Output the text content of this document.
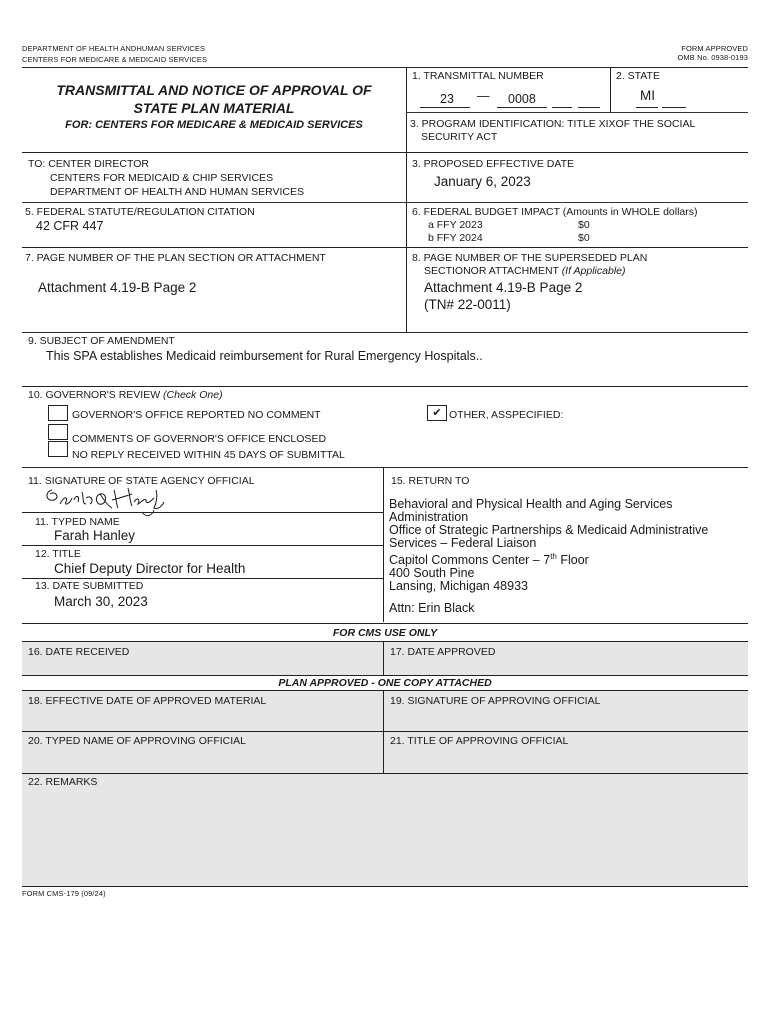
DEPARTMENT OF HEALTH ANDHUMAN SERVICES
CENTERS FOR MEDICARE & MEDICAID SERVICES
FORM APPROVED
OMB No. 0938-0193
TRANSMITTAL AND NOTICE OF APPROVAL OF
STATE PLAN MATERIAL
FOR: CENTERS FOR MEDICARE & MEDICAID SERVICES
1. TRANSMITTAL NUMBER
23 — 0008
2. STATE
MI
3. PROGRAM IDENTIFICATION: TITLE XIXOF THE SOCIAL
SECURITY ACT
TO: CENTER DIRECTOR
CENTERS FOR MEDICAID & CHIP SERVICES
DEPARTMENT OF HEALTH AND HUMAN SERVICES
3. PROPOSED EFFECTIVE DATE
January 6, 2023
5. FEDERAL STATUTE/REGULATION CITATION
42 CFR 447
6. FEDERAL BUDGET IMPACT (Amounts in WHOLE dollars)
a FFY 2023	$0
b FFY 2024	$0
7. PAGE NUMBER OF THE PLAN SECTION OR ATTACHMENT
Attachment 4.19-B Page 2
8. PAGE NUMBER OF THE SUPERSEDED PLAN
SECTIONOR ATTACHMENT (If Applicable)
Attachment 4.19-B Page 2
(TN# 22-0011)
9. SUBJECT OF AMENDMENT
This SPA establishes Medicaid reimbursement for Rural Emergency Hospitals..
10. GOVERNOR'S REVIEW (Check One)
GOVERNOR'S OFFICE REPORTED NO COMMENT
COMMENTS OF GOVERNOR'S OFFICE ENCLOSED
NO REPLY RECEIVED WITHIN 45 DAYS OF SUBMITTAL
✔ OTHER, ASSPECIFIED:
11. SIGNATURE OF STATE AGENCY OFFICIAL
11. TYPED NAME
Farah Hanley
12. TITLE
Chief Deputy Director for Health
13. DATE SUBMITTED
March 30, 2023
15. RETURN TO
Behavioral and Physical Health and Aging Services
Administration
Office of Strategic Partnerships & Medicaid Administrative
Services – Federal Liaison
Capitol Commons Center – 7th Floor
400 South Pine
Lansing, Michigan 48933
Attn: Erin Black
FOR CMS USE ONLY
16. DATE RECEIVED	17. DATE APPROVED
PLAN APPROVED - ONE COPY ATTACHED
18. EFFECTIVE DATE OF APPROVED MATERIAL	19. SIGNATURE OF APPROVING OFFICIAL
20. TYPED NAME OF APPROVING OFFICIAL	21. TITLE OF APPROVING OFFICIAL
22. REMARKS
FORM CMS-179 (09/24)
